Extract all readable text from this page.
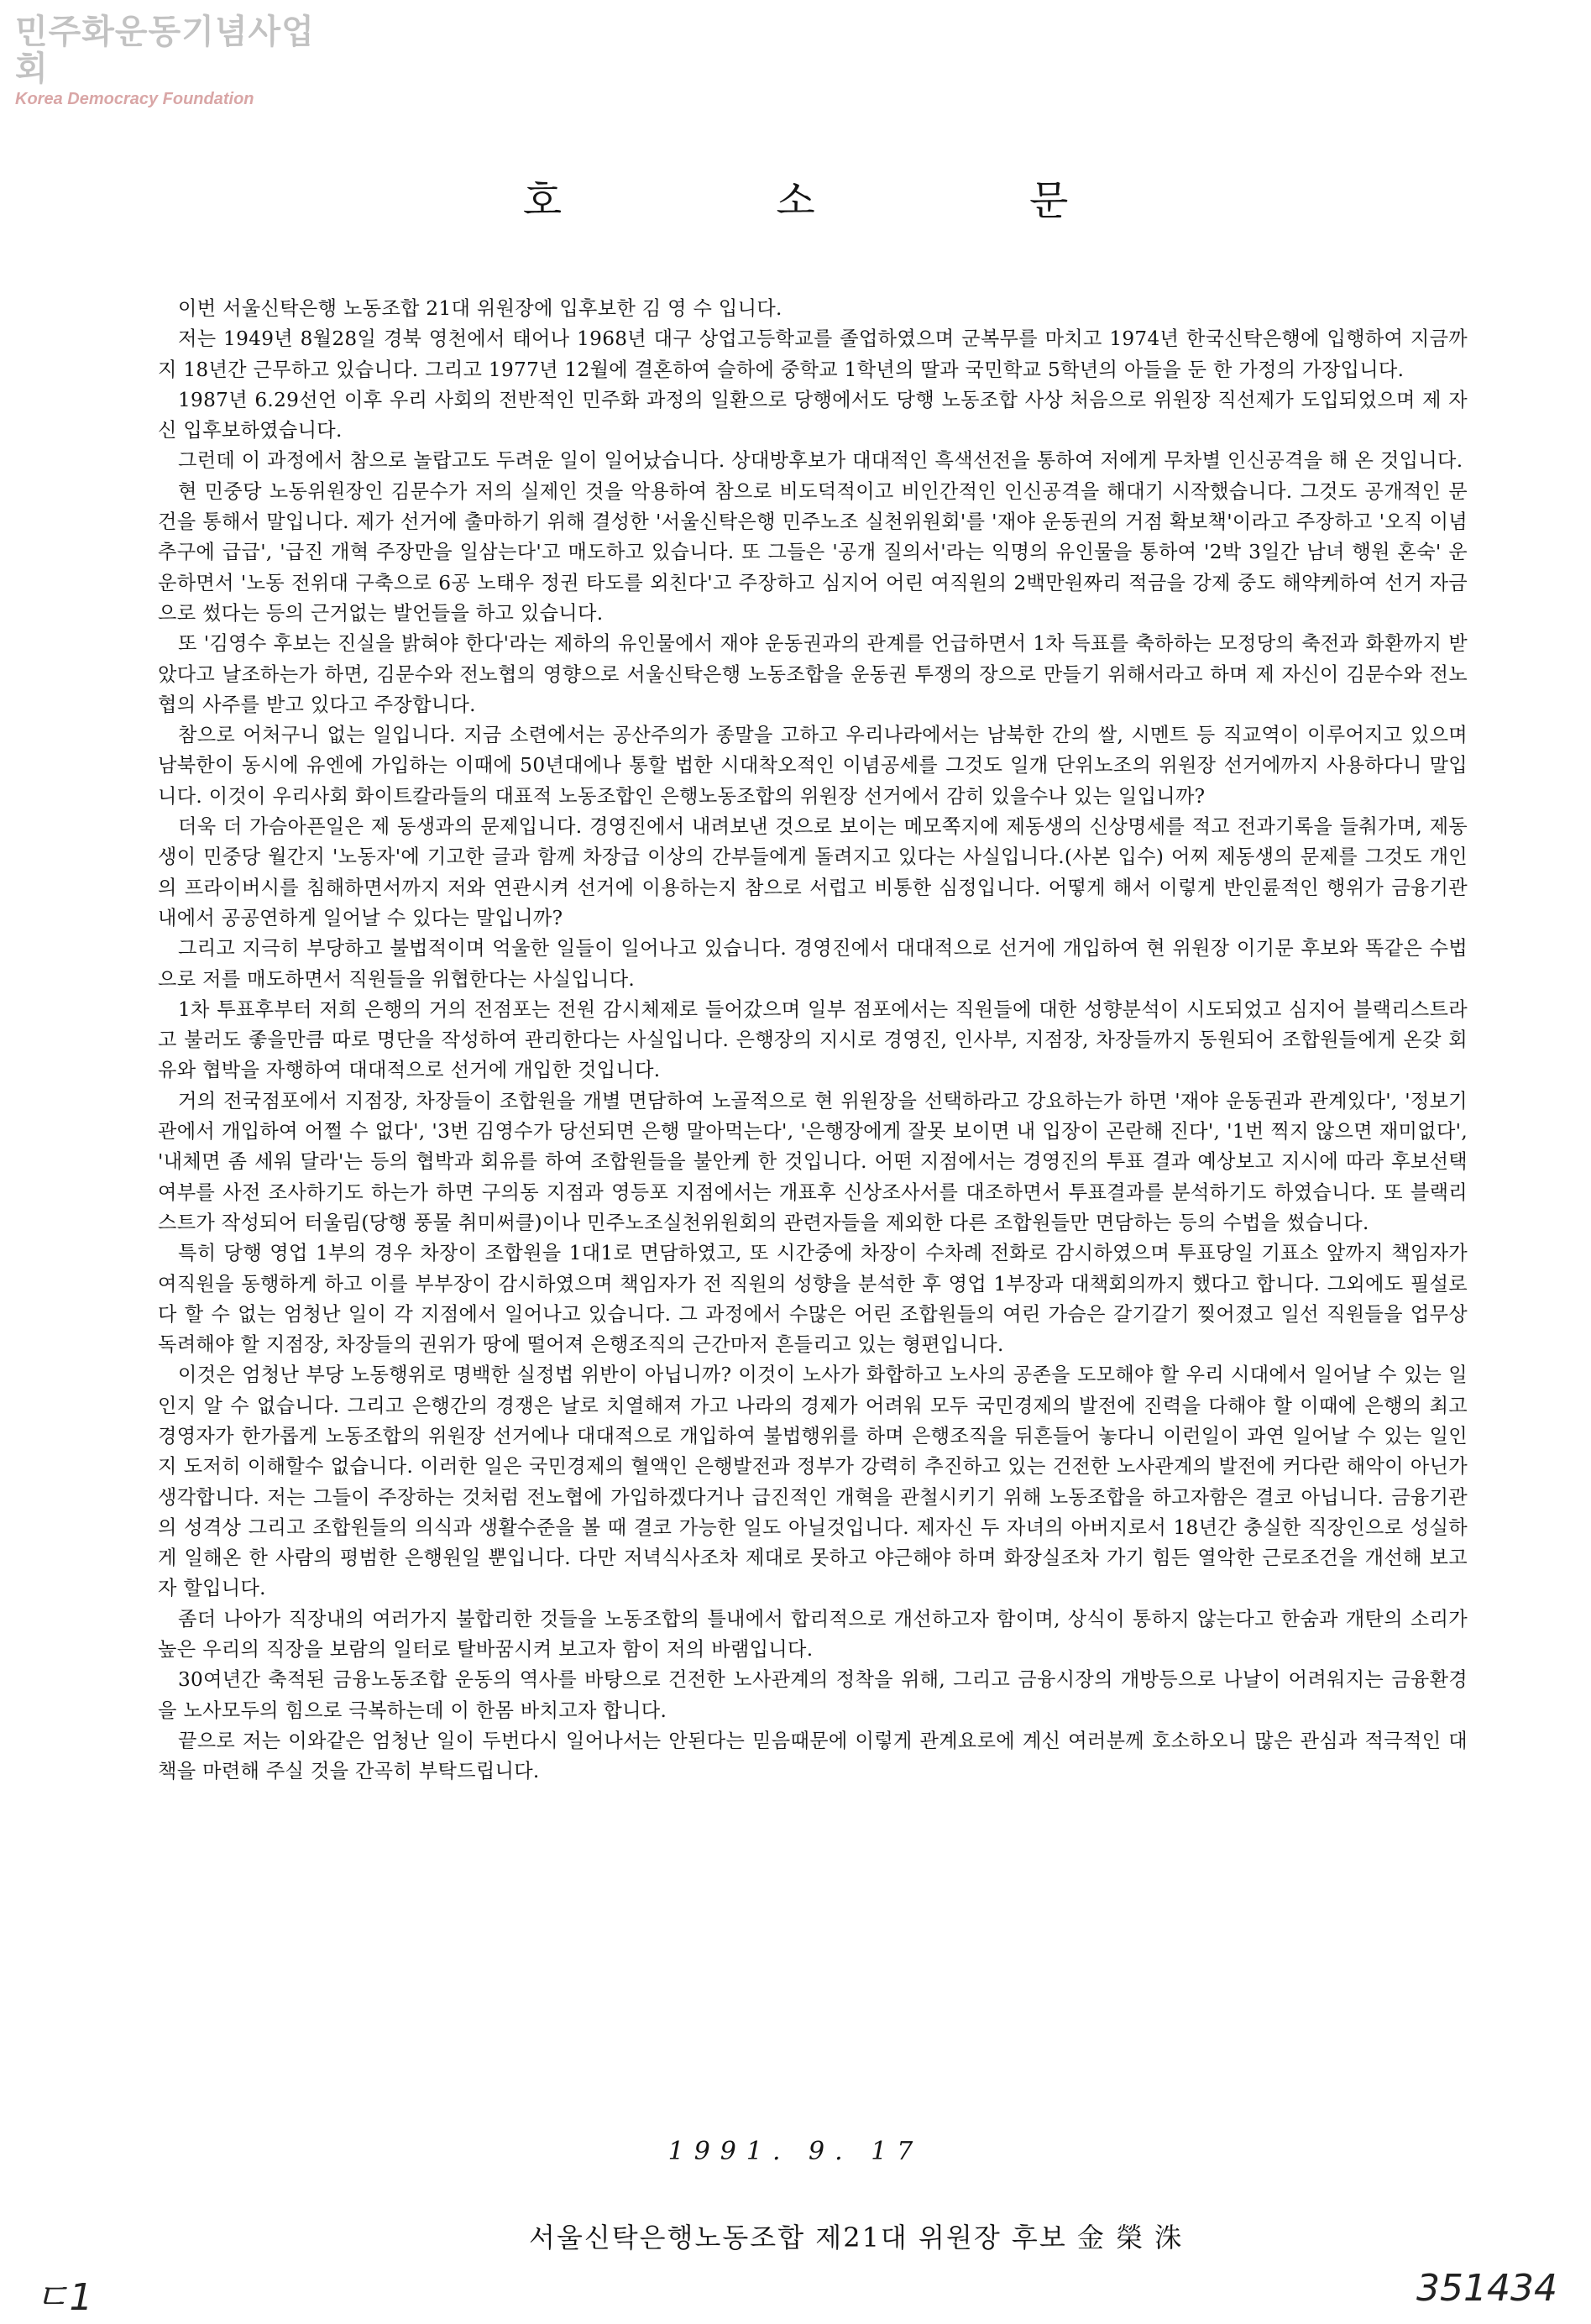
민주화운동기념사업회
Korea Democracy Foundation
호 소 문

이번 서울신탁은행 노동조합 21대 위원장에 입후보한 김 영 수 입니다.

저는 1949년 8월28일 경북 영천에서 태어나 1968년 대구 상업고등학교를 졸업하였으며 군복무를 마치고 1974년 한국신탁은행에 입행하여 지금까지 18년간 근무하고 있습니다. 그리고 1977년 12월에 결혼하여 슬하에 중학교 1학년의 딸과 국민학교 5학년의 아들을 둔 한 가정의 가장입니다.

1987년 6.29선언 이후 우리 사회의 전반적인 민주화 과정의 일환으로 당행에서도 당행 노동조합 사상 처음으로 위원장 직선제가 도입되었으며 제 자신 입후보하였습니다.

그런데 이 과정에서 참으로 놀랍고도 두려운 일이 일어났습니다. 상대방후보가 대대적인 흑색선전을 통하여 저에게 무차별 인신공격을 해 온 것입니다.

현 민중당 노동위원장인 김문수가 저의 실제인 것을 악용하여 참으로 비도덕적이고 비인간적인 인신공격을 해대기 시작했습니다. 그것도 공개적인 문건을 통해서 말입니다. 제가 선거에 출마하기 위해 결성한 '서울신탁은행 민주노조 실천위원회'를 '재야 운동권의 거점 확보책'이라고 주장하고 '오직 이념 추구에 급급', '급진 개혁 주장만을 일삼는다'고 매도하고 있습니다. 또 그들은 '공개 질의서'라는 익명의 유인물을 통하여 '2박 3일간 남녀 행원 혼숙' 운운하면서 '노동 전위대 구축으로 6공 노태우 정권 타도를 외친다'고 주장하고 심지어 어린 여직원의 2백만원짜리 적금을 강제 중도 해약케하여 선거 자금으로 썼다는 등의 근거없는 발언들을 하고 있습니다.

또 '김영수 후보는 진실을 밝혀야 한다'라는 제하의 유인물에서 재야 운동권과의 관계를 언급하면서 1차 득표를 축하하는 모정당의 축전과 화환까지 받았다고 날조하는가 하면, 김문수와 전노협의 영향으로 서울신탁은행 노동조합을 운동권 투쟁의 장으로 만들기 위해서라고 하며 제 자신이 김문수와 전노협의 사주를 받고 있다고 주장합니다.

참으로 어처구니 없는 일입니다. 지금 소련에서는 공산주의가 종말을 고하고 우리나라에서는 남북한 간의 쌀, 시멘트 등 직교역이 이루어지고 있으며 남북한이 동시에 유엔에 가입하는 이때에 50년대에나 통할 법한 시대착오적인 이념공세를 그것도 일개 단위노조의 위원장 선거에까지 사용하다니 말입니다. 이것이 우리사회 화이트칼라들의 대표적 노동조합인 은행노동조합의 위원장 선거에서 감히 있을수나 있는 일입니까?

더욱 더 가슴아픈일은 제 동생과의 문제입니다. 경영진에서 내려보낸 것으로 보이는 메모쪽지에 제동생의 신상명세를 적고 전과기록을 들춰가며, 제동생이 민중당 월간지 '노동자'에 기고한 글과 함께 차장급 이상의 간부들에게 돌려지고 있다는 사실입니다.(사본 입수) 어찌 제동생의 문제를 그것도 개인의 프라이버시를 침해하면서까지 저와 연관시켜 선거에 이용하는지 참으로 서럽고 비통한 심정입니다. 어떻게 해서 이렇게 반인륜적인 행위가 금융기관내에서 공공연하게 일어날 수 있다는 말입니까?

그리고 지극히 부당하고 불법적이며 억울한 일들이 일어나고 있습니다. 경영진에서 대대적으로 선거에 개입하여 현 위원장 이기문 후보와 똑같은 수법으로 저를 매도하면서 직원들을 위협한다는 사실입니다.

1차 투표후부터 저희 은행의 거의 전점포는 전원 감시체제로 들어갔으며 일부 점포에서는 직원들에 대한 성향분석이 시도되었고 심지어 블랙리스트라고 불러도 좋을만큼 따로 명단을 작성하여 관리한다는 사실입니다. 은행장의 지시로 경영진, 인사부, 지점장, 차장들까지 동원되어 조합원들에게 온갖 회유와 협박을 자행하여 대대적으로 선거에 개입한 것입니다.

거의 전국점포에서 지점장, 차장들이 조합원을 개별 면담하여 노골적으로 현 위원장을 선택하라고 강요하는가 하면 '재야 운동권과 관계있다', '정보기관에서 개입하여 어쩔 수 없다', '3번 김영수가 당선되면 은행 말아먹는다', '은행장에게 잘못 보이면 내 입장이 곤란해 진다', '1번 찍지 않으면 재미없다', '내체면 좀 세워 달라'는 등의 협박과 회유를 하여 조합원들을 불안케 한 것입니다. 어떤 지점에서는 경영진의 투표 결과 예상보고 지시에 따라 후보선택 여부를 사전 조사하기도 하는가 하면 구의동 지점과 영등포 지점에서는 개표후 신상조사서를 대조하면서 투표결과를 분석하기도 하였습니다. 또 블랙리스트가 작성되어 터울림(당행 풍물 취미써클)이나 민주노조실천위원회의 관련자들을 제외한 다른 조합원들만 면담하는 등의 수법을 썼습니다.

특히 당행 영업 1부의 경우 차장이 조합원을 1대1로 면담하였고, 또 시간중에 차장이 수차례 전화로 감시하였으며 투표당일 기표소 앞까지 책임자가 여직원을 동행하게 하고 이를 부부장이 감시하였으며 책임자가 전 직원의 성향을 분석한 후 영업 1부장과 대책회의까지 했다고 합니다. 그외에도 필설로 다 할 수 없는 엄청난 일이 각 지점에서 일어나고 있습니다. 그 과정에서 수많은 어린 조합원들의 여린 가슴은 갈기갈기 찢어졌고 일선 직원들을 업무상 독려해야 할 지점장, 차장들의 권위가 땅에 떨어져 은행조직의 근간마저 흔들리고 있는 형편입니다.

이것은 엄청난 부당 노동행위로 명백한 실정법 위반이 아닙니까? 이것이 노사가 화합하고 노사의 공존을 도모해야 할 우리 시대에서 일어날 수 있는 일인지 알 수 없습니다. 그리고 은행간의 경쟁은 날로 치열해져 가고 나라의 경제가 어려워 모두 국민경제의 발전에 진력을 다해야 할 이때에 은행의 최고 경영자가 한가롭게 노동조합의 위원장 선거에나 대대적으로 개입하여 불법행위를 하며 은행조직을 뒤흔들어 놓다니 이런일이 과연 일어날 수 있는 일인지 도저히 이해할수 없습니다. 이러한 일은 국민경제의 혈액인 은행발전과 정부가 강력히 추진하고 있는 건전한 노사관계의 발전에 커다란 해악이 아닌가 생각합니다. 저는 그들이 주장하는 것처럼 전노협에 가입하겠다거나 급진적인 개혁을 관철시키기 위해 노동조합을 하고자함은 결코 아닙니다. 금융기관의 성격상 그리고 조합원들의 의식과 생활수준을 볼 때 결코 가능한 일도 아닐것입니다. 제자신 두 자녀의 아버지로서 18년간 충실한 직장인으로 성실하게 일해온 한 사람의 평범한 은행원일 뿐입니다. 다만 저녁식사조차 제대로 못하고 야근해야 하며 화장실조차 가기 힘든 열악한 근로조건을 개선해 보고자 할입니다.

좀더 나아가 직장내의 여러가지 불합리한 것들을 노동조합의 틀내에서 합리적으로 개선하고자 함이며, 상식이 통하지 않는다고 한숨과 개탄의 소리가 높은 우리의 직장을 보람의 일터로 탈바꿈시켜 보고자 함이 저의 바램입니다.

30여년간 축적된 금융노동조합 운동의 역사를 바탕으로 건전한 노사관계의 정착을 위해, 그리고 금융시장의 개방등으로 나날이 어려워지는 금융환경을 노사모두의 힘으로 극복하는데 이 한몸 바치고자 합니다.

끝으로 저는 이와같은 엄청난 일이 두번다시 일어나서는 안된다는 믿음때문에 이렇게 관계요로에 계신 여러분께 호소하오니 많은 관심과 적극적인 대책을 마련해 주실 것을 간곡히 부탁드립니다.

1991. 9. 17
서울신탁은행노동조합 제21대 위원장 후보 金 榮 洙
ㄷ1	351434
